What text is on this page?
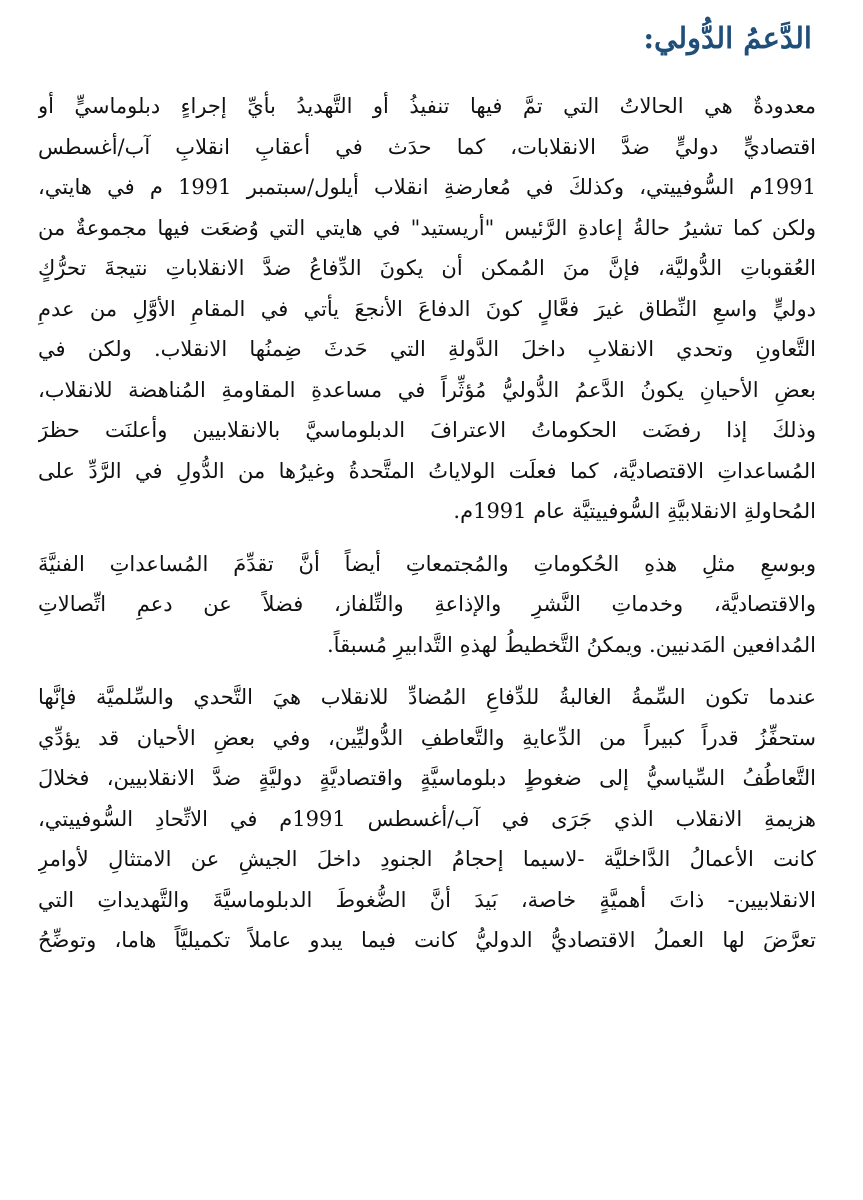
الدَّعمُ الدُّولي:
معدودةٌ هي الحالاتُ التي تمَّ فيها تنفيذُ أو التَّهديدُ بأيِّ إجراءٍ دبلوماسيٍّ أو
اقتصاديٍّ دوليٍّ ضدَّ الانقلابات، كما حدَث في أعقابِ انقلابِ آب/أغسطس
1991م السُّوفييتي، وكذلكَ في مُعارضةِ انقلاب أيلول/سبتمبر 1991 م في هايتي،
ولكن كما تشيرُ حالةُ إعادةِ الرَّئيس "أريستيد" في هايتي التي وُضعَت فيها مجموعةٌ من
العُقوباتِ الدُّوليَّة، فإنَّ منَ المُمكن أن يكونَ الدِّفاعُ ضدَّ الانقلاباتِ نتيجةَ تحرُّكٍ
دوليٍّ واسعِ النِّطاق غيرَ فعَّالٍ كونَ الدفاعَ الأنجعَ يأتي في المقامِ الأوَّلِ من عدمِ
التَّعاونِ وتحدي الانقلابِ داخلَ الدَّولةِ التي حَدثَ ضِمنُها الانقلاب. ولكن في
بعضِ الأحيانِ يكونُ الدَّعمُ الدُّوليُّ مُؤثِّراً في مساعدةِ المقاومةِ المُناهضة للانقلاب،
وذلكَ إذا رفضَت الحكوماتُ الاعترافَ الدبلوماسيَّ بالانقلابيين وأعلنَت حظرَ
المُساعداتِ الاقتصاديَّة، كما فعلَت الولاياتُ المتَّحدةُ وغيرُها من الدُّولِ في الرَّدِّ على
المُحاولةِ الانقلابيَّةِ السُّوفييتيَّة عام 1991م.
وبوسعِ مثلِ هذهِ الحُكوماتِ والمُجتمعاتِ أيضاً أنَّ تقدِّمَ المُساعداتِ الفنيَّةَ
والاقتصاديَّة، وخدماتِ النَّشرِ والإذاعةِ والتِّلفاز، فضلاً عن دعمِ اتِّصالاتِ
المُدافعين المَدنيين. ويمكنُ التَّخطيطُ لهذهِ التَّدابيرِ مُسبقاً.
عندما تكون السِّمةُ الغالبةُ للدِّفاعِ المُضادِّ للانقلاب هيَ التَّحدي والسِّلميَّة فإنَّها
ستحفِّزُ قدراً كبيراً من الدِّعايةِ والتَّعاطفِ الدُّوليِّين، وفي بعضِ الأحيان قد يؤدِّي
التَّعاطُفُ السِّياسيُّ إلى ضغوطٍ دبلوماسيَّةٍ واقتصاديَّةٍ دوليَّةٍ ضدَّ الانقلابيين، فخلالَ
هزيمةِ الانقلاب الذي جَرَى في آب/أغسطس 1991م في الاتِّحادِ السُّوفييتي،
كانت الأعمالُ الدَّاخليَّة -لاسيما إحجامُ الجنودِ داخلَ الجيشِ عن الامتثالِ لأوامرِ
الانقلابيين- ذاتَ أهميَّةٍ خاصة، بَيدَ أنَّ الضُّغوطَ الدبلوماسيَّةَ والتَّهديداتِ التي
تعرَّضَ لها العملُ الاقتصاديُّ الدوليُّ كانت فيما يبدو عاملاً تكميليَّاً هاما، وتوضِّحُ
